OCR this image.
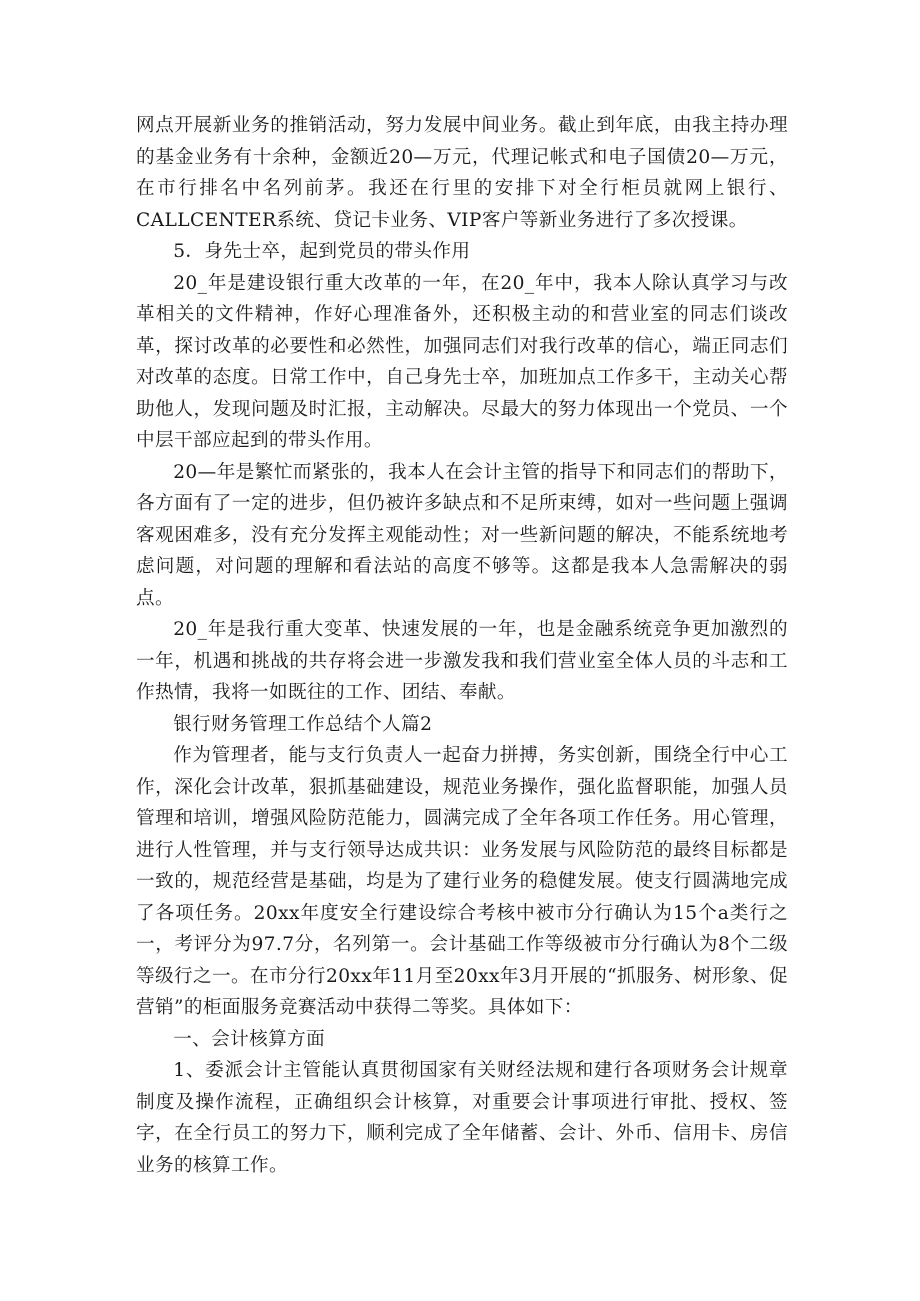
网点开展新业务的推销活动，努力发展中间业务。截止到年底，由我主持办理的基金业务有十余种，金额近20—万元，代理记帐式和电子国债20—万元，在市行排名中名列前茅。我还在行里的安排下对全行柜员就网上银行、CALLCENTER系统、贷记卡业务、VIP客户等新业务进行了多次授课。

5．身先士卒，起到党员的带头作用

20_年是建设银行重大改革的一年，在20_年中，我本人除认真学习与改革相关的文件精神，作好心理准备外，还积极主动的和营业室的同志们谈改革，探讨改革的必要性和必然性，加强同志们对我行改革的信心，端正同志们对改革的态度。日常工作中，自己身先士卒，加班加点工作多干，主动关心帮助他人，发现问题及时汇报，主动解决。尽最大的努力体现出一个党员、一个中层干部应起到的带头作用。

20—年是繁忙而紧张的，我本人在会计主管的指导下和同志们的帮助下，各方面有了一定的进步，但仍被许多缺点和不足所束缚，如对一些问题上强调客观困难多，没有充分发挥主观能动性；对一些新问题的解决，不能系统地考虑问题，对问题的理解和看法站的高度不够等。这都是我本人急需解决的弱点。

20_年是我行重大变革、快速发展的一年，也是金融系统竞争更加激烈的一年，机遇和挑战的共存将会进一步激发我和我们营业室全体人员的斗志和工作热情，我将一如既往的工作、团结、奉献。

银行财务管理工作总结个人篇2

作为管理者，能与支行负责人一起奋力拼搏，务实创新，围绕全行中心工作，深化会计改革，狠抓基础建设，规范业务操作，强化监督职能，加强人员管理和培训，增强风险防范能力，圆满完成了全年各项工作任务。用心管理，进行人性管理，并与支行领导达成共识：业务发展与风险防范的最终目标都是一致的，规范经营是基础，均是为了建行业务的稳健发展。使支行圆满地完成了各项任务。20xx年度安全行建设综合考核中被市分行确认为15个a类行之一，考评分为97.7分，名列第一。会计基础工作等级被市分行确认为8个二级等级行之一。在市分行20xx年11月至20xx年3月开展的“抓服务、树形象、促营销”的柜面服务竞赛活动中获得二等奖。具体如下：

一、会计核算方面

1、委派会计主管能认真贯彻国家有关财经法规和建行各项财务会计规章制度及操作流程，正确组织会计核算，对重要会计事项进行审批、授权、签字，在全行员工的努力下，顺利完成了全年储蓄、会计、外币、信用卡、房信业务的核算工作。
